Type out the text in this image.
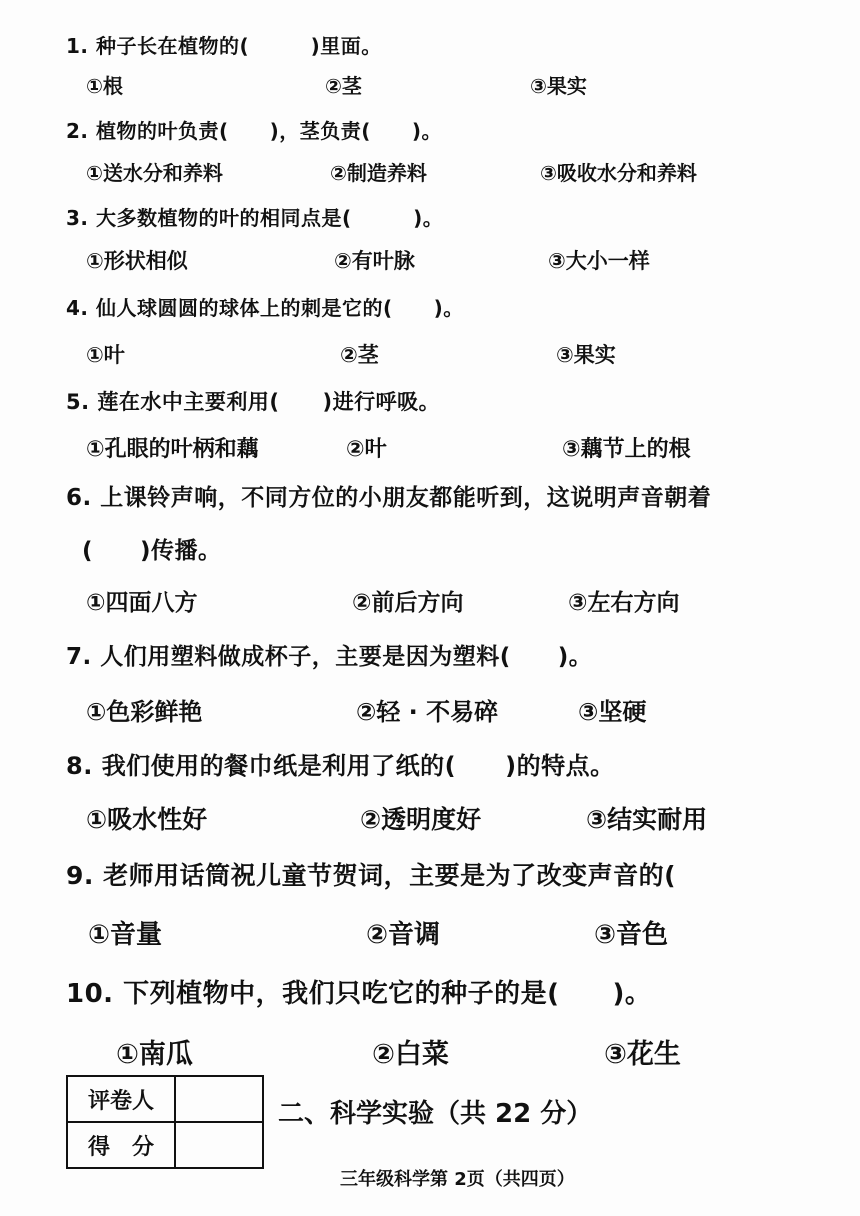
1. 种子长在植物的(　　　)里面。
①根	②茎	③果实
2. 植物的叶负责(　　)，茎负责(　　)。
①送水分和养料	②制造养料	③吸收水分和养料
3. 大多数植物的叶的相同点是(　　　)。
①形状相似	②有叶脉	③大小一样
4. 仙人球圆圆的球体上的刺是它的(　　)。
①叶	②茎	③果实
5. 莲在水中主要利用(　　)进行呼吸。
①孔眼的叶柄和藕	②叶	③藕节上的根
6. 上课铃声响，不同方位的小朋友都能听到，这说明声音朝着
(　　)传播。
①四面八方	②前后方向	③左右方向
7. 人们用塑料做成杯子，主要是因为塑料(　　)。
①色彩鲜艳	②轻 · 不易碎	③坚硬
8. 我们使用的餐巾纸是利用了纸的(　　)的特点。
①吸水性好	②透明度好	③结实耐用
9. 老师用话筒祝儿童节贺词，主要是为了改变声音的(
①音量	②音调	③音色
10. 下列植物中，我们只吃它的种子的是(　　)。
①南瓜	②白菜	③花生
评卷人	
得　分	
二、科学实验（共 22 分）
三年级科学第 2页（共四页）
